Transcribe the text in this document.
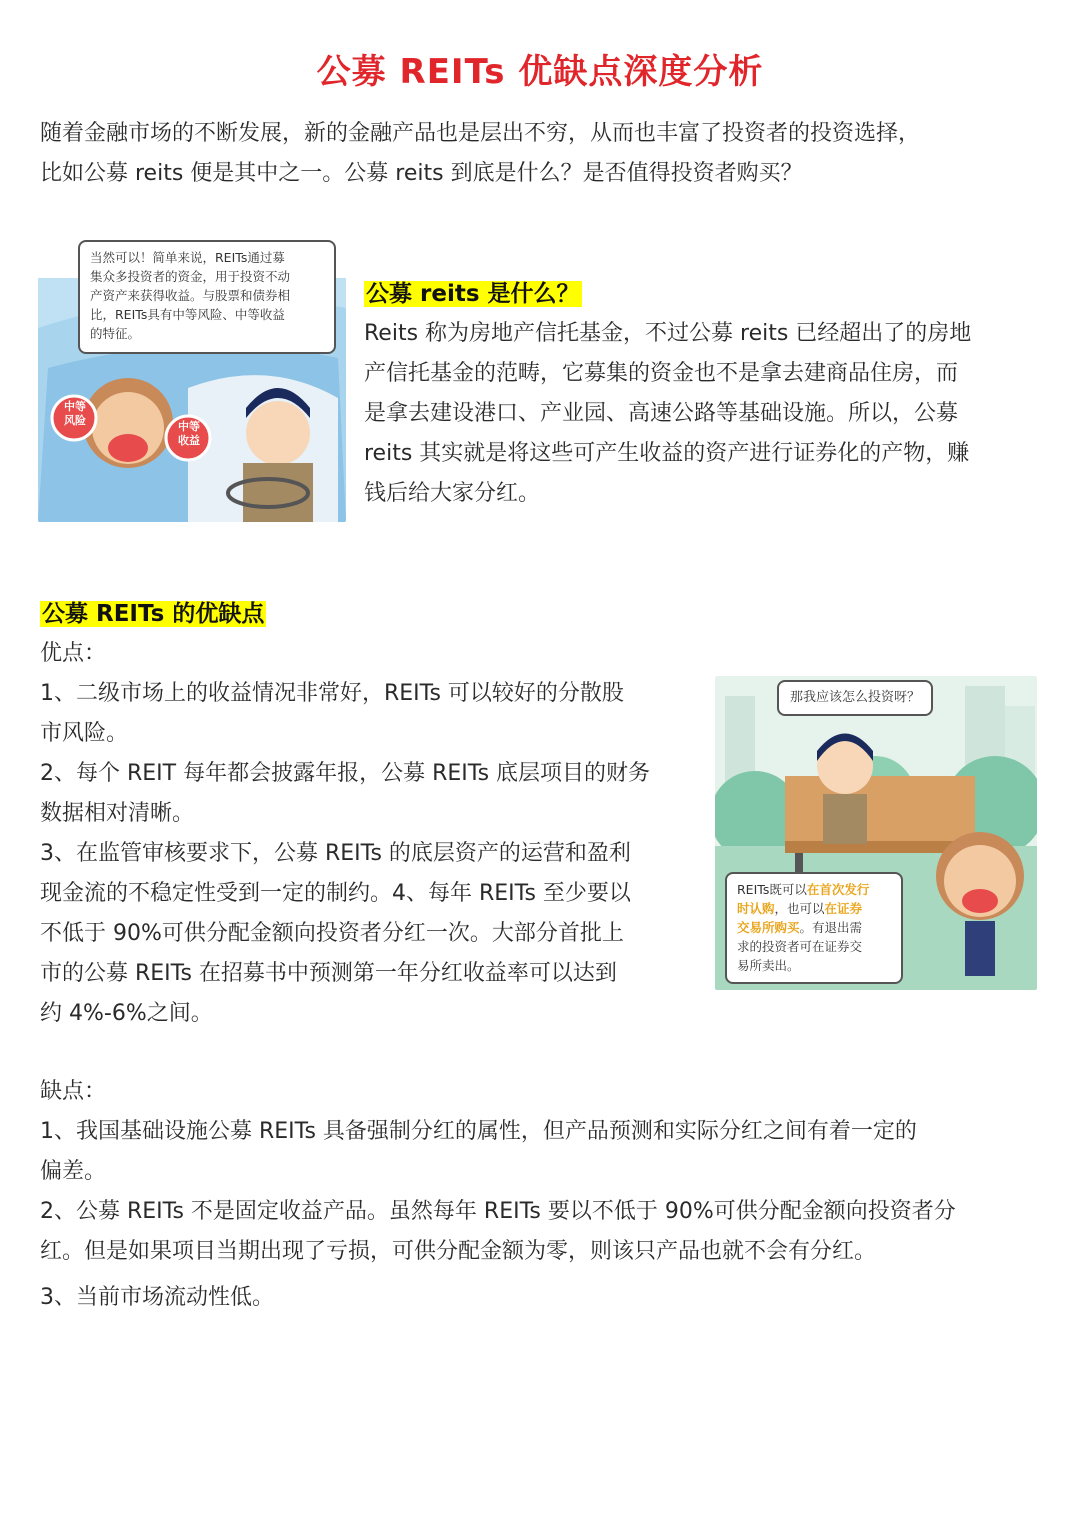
公募 REITs 优缺点深度分析
随着金融市场的不断发展，新的金融产品也是层出不穷，从而也丰富了投资者的投资选择，
比如公募 reits 便是其中之一。公募 reits 到底是什么？是否值得投资者购买？
中等风险	中等收益
当然可以！简单来说，REITs通过募
集众多投资者的资金，用于投资不动
产资产来获得收益。与股票和债券相
比，REITs具有中等风险、中等收益
的特征。
公募 reits 是什么？
Reits 称为房地产信托基金，不过公募 reits 已经超出了的房地
产信托基金的范畴，它募集的资金也不是拿去建商品住房，而
是拿去建设港口、产业园、高速公路等基础设施。所以，公募
reits 其实就是将这些可产生收益的资产进行证券化的产物，赚
钱后给大家分红。
公募 REITs 的优缺点
优点：
1、二级市场上的收益情况非常好，REITs 可以较好的分散股
市风险。
2、每个 REIT 每年都会披露年报，公募 REITs 底层项目的财务
数据相对清晰。
3、在监管审核要求下，公募 REITs 的底层资产的运营和盈利
现金流的不稳定性受到一定的制约。4、每年 REITs 至少要以
不低于 90%可供分配金额向投资者分红一次。大部分首批上
市的公募 REITs 在招募书中预测第一年分红收益率可以达到
约 4%-6%之间。
那我应该怎么投资呀？
REITs既可以在首次发行
时认购，也可以在证券
交易所购买。有退出需
求的投资者可在证券交
易所卖出。
缺点：
1、我国基础设施公募 REITs 具备强制分红的属性，但产品预测和实际分红之间有着一定的
偏差。
2、公募 REITs 不是固定收益产品。虽然每年 REITs 要以不低于 90%可供分配金额向投资者分
红。但是如果项目当期出现了亏损，可供分配金额为零，则该只产品也就不会有分红。
3、当前市场流动性低。
